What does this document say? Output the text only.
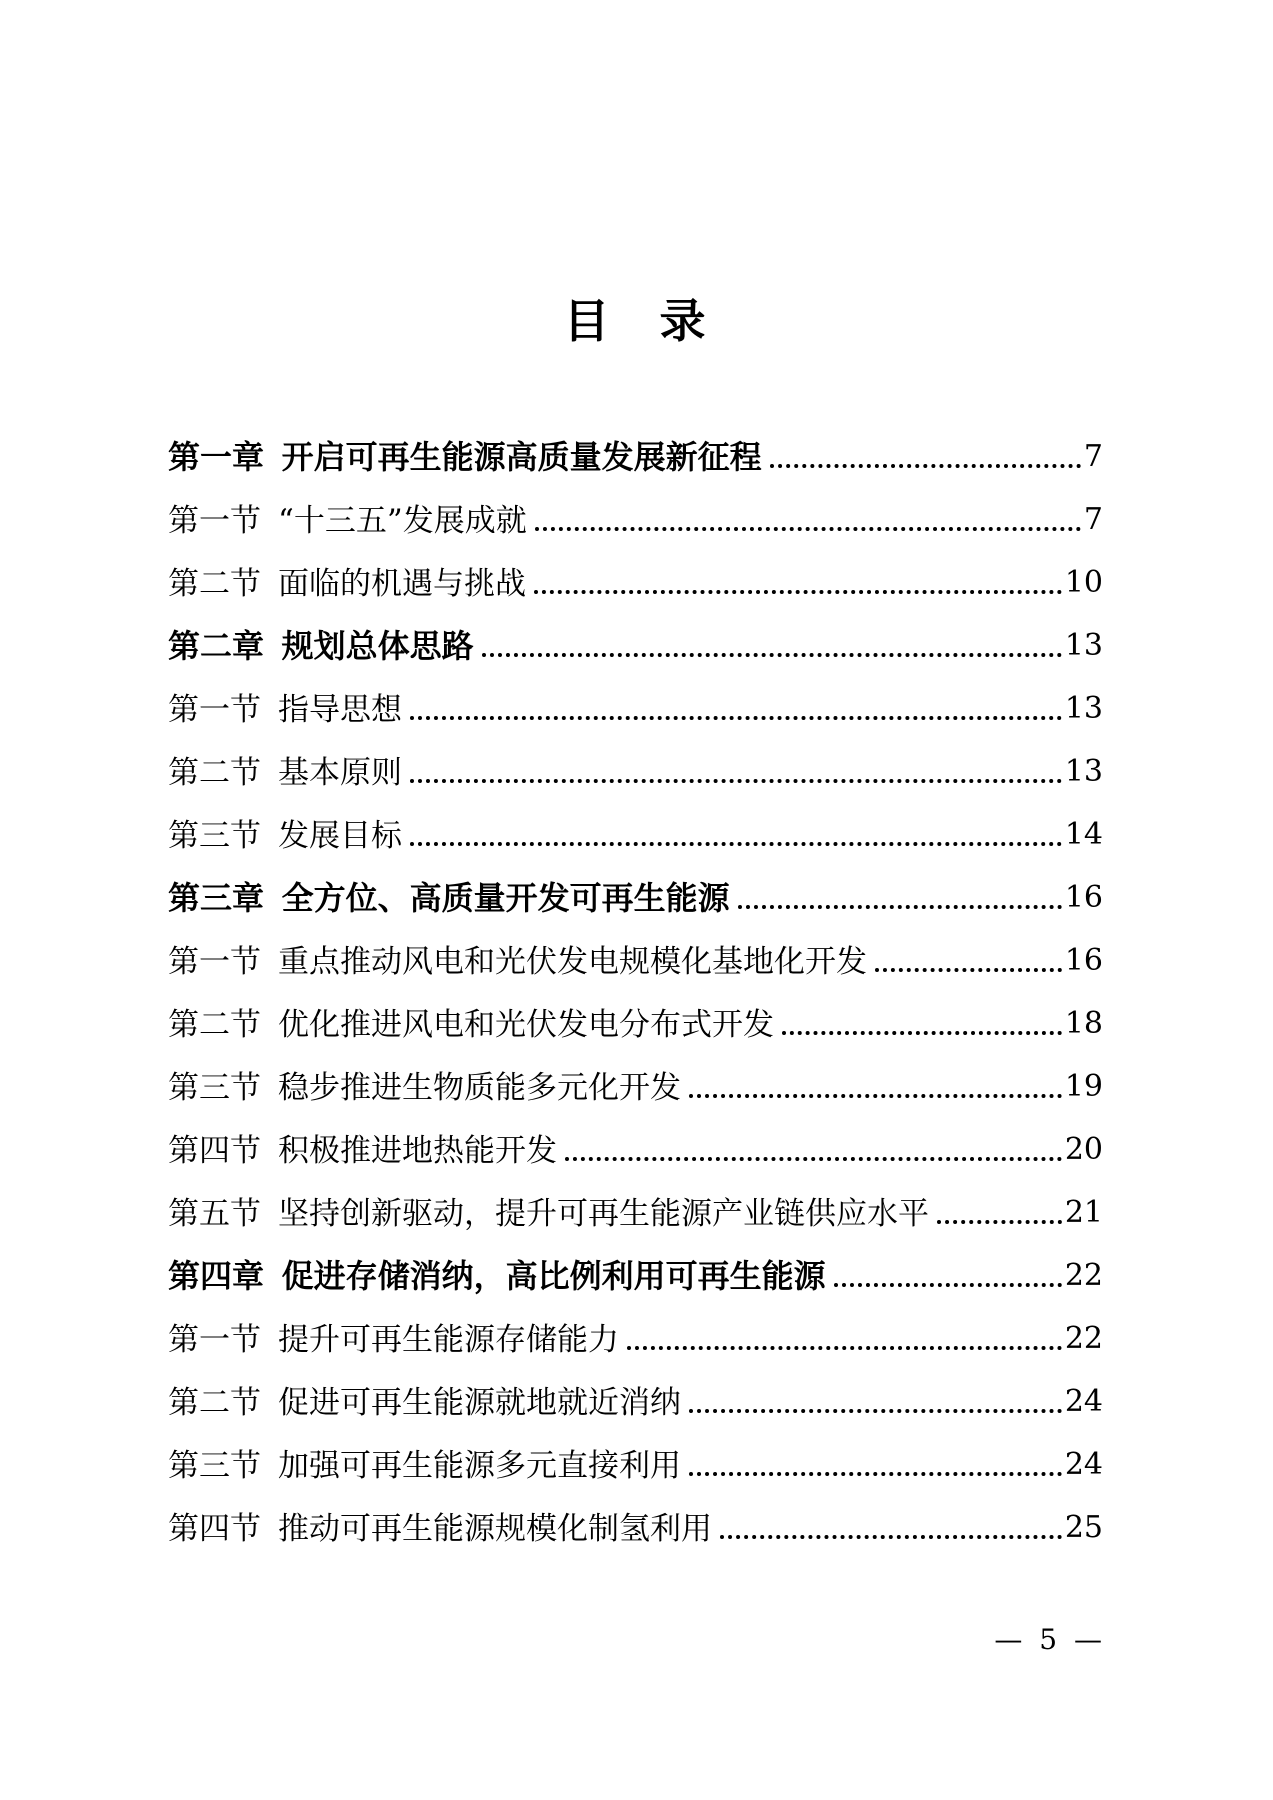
目　录
第一章 开启可再生能源高质量发展新征程	7
第一节 “十三五”发展成就	7
第二节 面临的机遇与挑战	10
第二章 规划总体思路	13
第一节 指导思想	13
第二节 基本原则	13
第三节 发展目标	14
第三章 全方位、高质量开发可再生能源	16
第一节 重点推动风电和光伏发电规模化基地化开发	16
第二节 优化推进风电和光伏发电分布式开发	18
第三节 稳步推进生物质能多元化开发	19
第四节 积极推进地热能开发	20
第五节 坚持创新驱动，提升可再生能源产业链供应水平	21
第四章 促进存储消纳，高比例利用可再生能源	22
第一节 提升可再生能源存储能力	22
第二节 促进可再生能源就地就近消纳	24
第三节 加强可再生能源多元直接利用	24
第四节 推动可再生能源规模化制氢利用	25
— 5 —
